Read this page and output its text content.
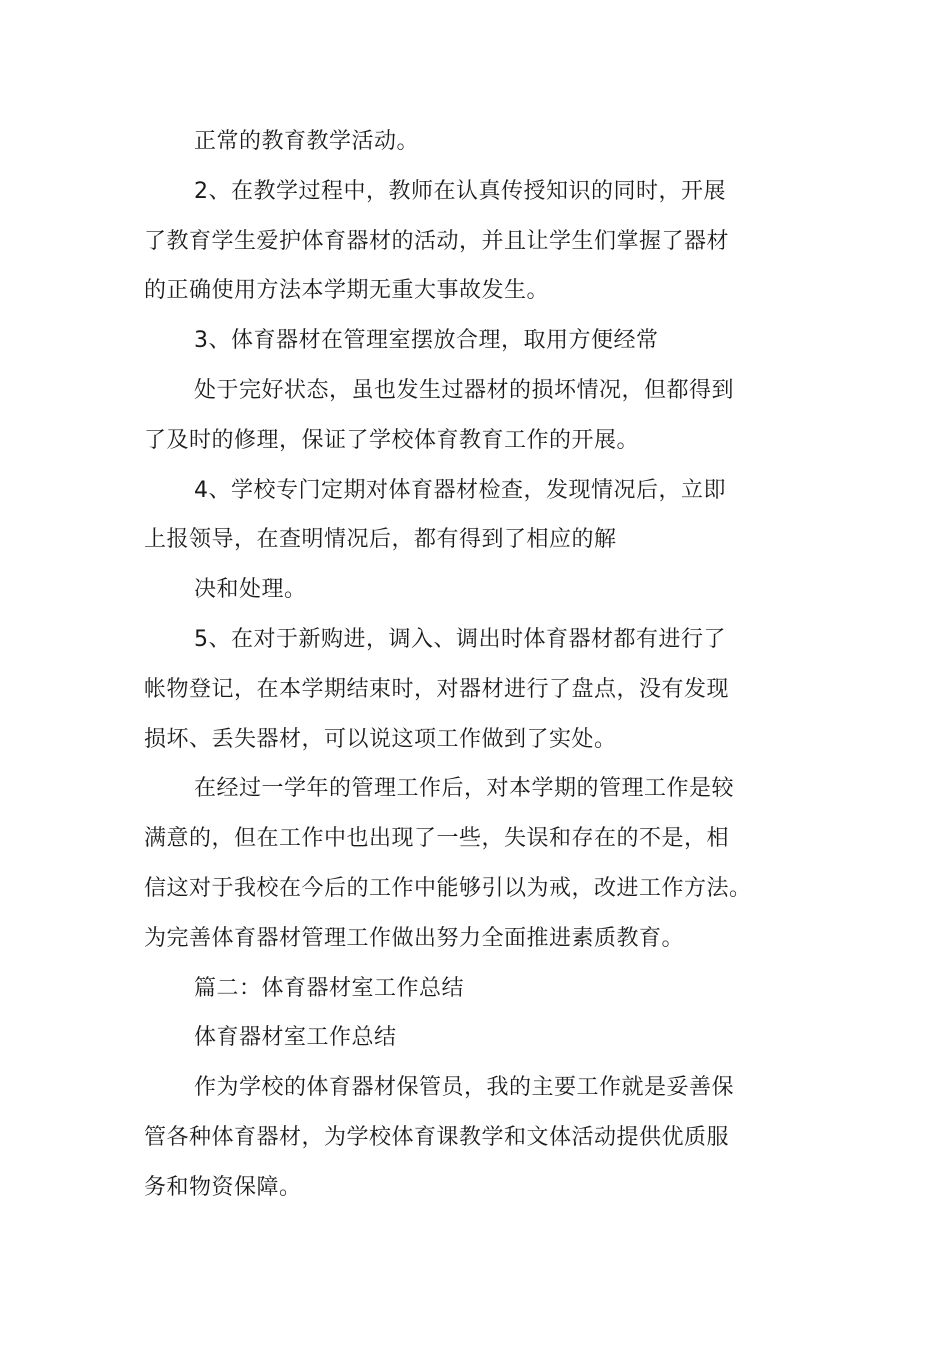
正常的教育教学活动。
2、在教学过程中，教师在认真传授知识的同时，开展
了教育学生爱护体育器材的活动，并且让学生们掌握了器材
的正确使用方法本学期无重大事故发生。
3、体育器材在管理室摆放合理，取用方便经常
处于完好状态，虽也发生过器材的损坏情况，但都得到
了及时的修理，保证了学校体育教育工作的开展。
4、学校专门定期对体育器材检查，发现情况后，立即
上报领导，在查明情况后，都有得到了相应的解
决和处理。
5、在对于新购进，调入、调出时体育器材都有进行了
帐物登记，在本学期结束时，对器材进行了盘点，没有发现
损坏、丢失器材，可以说这项工作做到了实处。
在经过一学年的管理工作后，对本学期的管理工作是较
满意的，但在工作中也出现了一些，失误和存在的不是，相
信这对于我校在今后的工作中能够引以为戒，改进工作方法。
为完善体育器材管理工作做出努力全面推进素质教育。
篇二：体育器材室工作总结
体育器材室工作总结
作为学校的体育器材保管员，我的主要工作就是妥善保
管各种体育器材，为学校体育课教学和文体活动提供优质服
务和物资保障。
